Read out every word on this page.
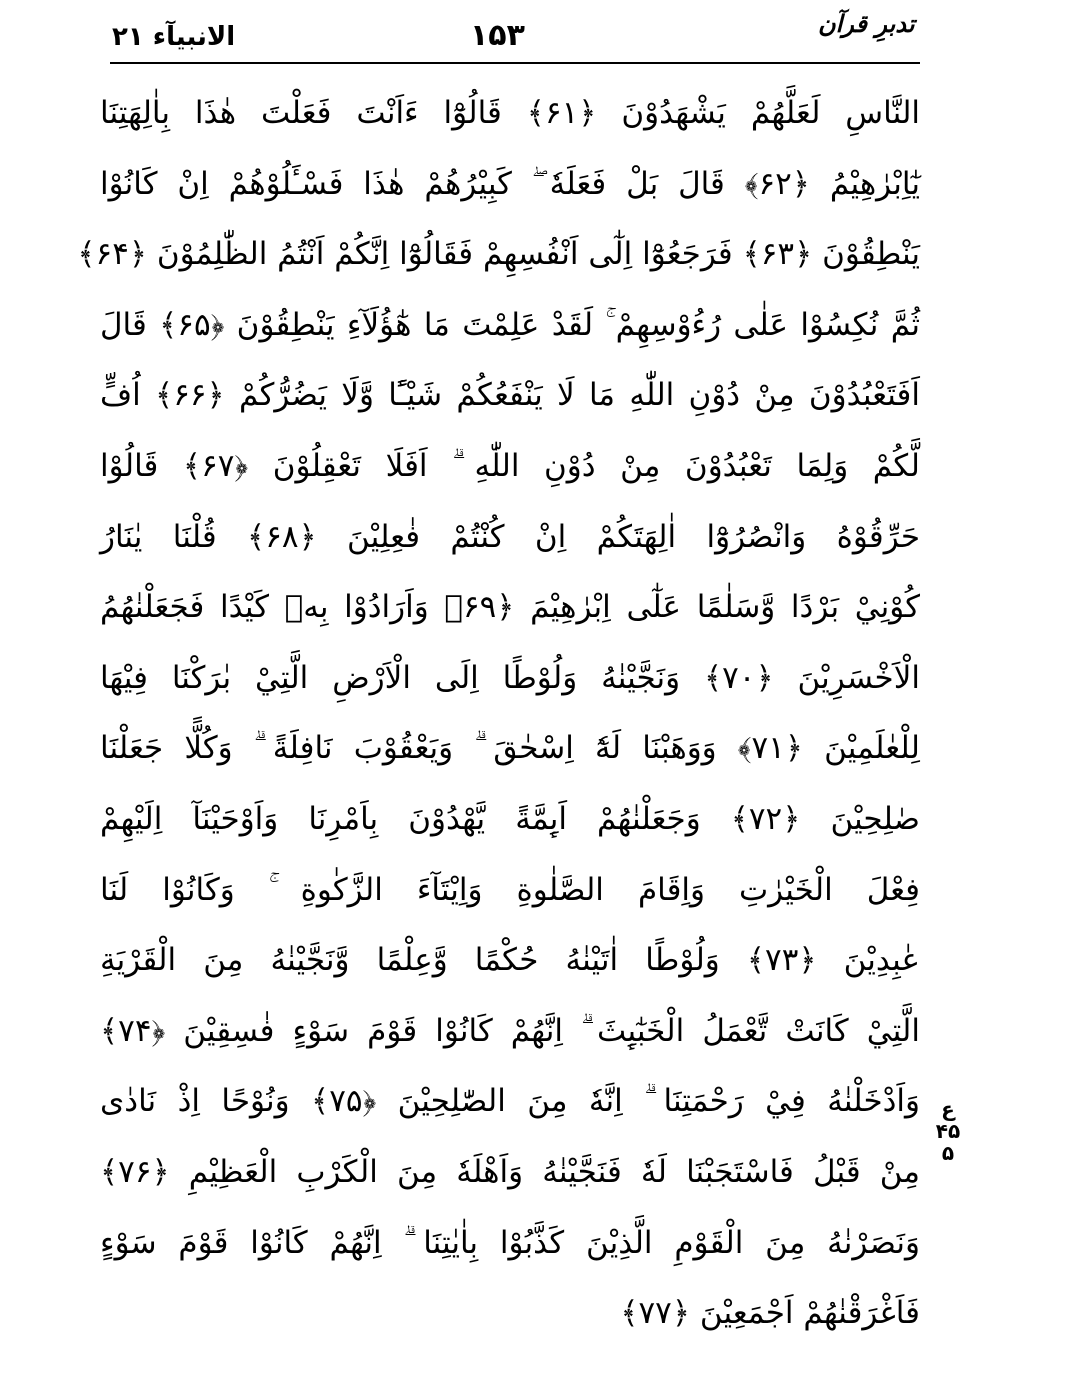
الانبیآء ۲۱	۱۵۳	تدبرِ قرآن
النَّاسِ لَعَلَّهُمْ يَشْهَدُوْنَ ﴿۶۱﴾ قَالُوْٓا ءَاَنْتَ فَعَلْتَ هٰذَا بِاٰلِهَتِنَا
يٰٓاِبْرٰهِيْمُ ﴿۶۲﴾ قَالَ بَلْ فَعَلَهٗ ۖ كَبِيْرُهُمْ هٰذَا فَسْـَٔلُوْهُمْ اِنْ كَانُوْا
يَنْطِقُوْنَ ﴿۶۳﴾ فَرَجَعُوْٓا اِلٰٓى اَنْفُسِهِمْ فَقَالُوْٓا اِنَّكُمْ اَنْتُمُ الظّٰلِمُوْنَ ﴿۶۴﴾
ثُمَّ نُكِسُوْا عَلٰى رُءُوْسِهِمْ ۚ لَقَدْ عَلِمْتَ مَا هٰٓؤُلَآءِ يَنْطِقُوْنَ ﴿۶۵﴾ قَالَ
اَفَتَعْبُدُوْنَ مِنْ دُوْنِ اللّٰهِ مَا لَا يَنْفَعُكُمْ شَيْـًٔا وَّلَا يَضُرُّكُمْ ﴿۶۶﴾ اُفٍّ
لَّكُمْ وَلِمَا تَعْبُدُوْنَ مِنْ دُوْنِ اللّٰهِ ۗ اَفَلَا تَعْقِلُوْنَ ﴿۶۷﴾ قَالُوْا
حَرِّقُوْهُ وَانْصُرُوْٓا اٰلِهَتَكُمْ اِنْ كُنْتُمْ فٰعِلِيْنَ ﴿۶۸﴾ قُلْنَا يٰنَارُ
كُوْنِيْ بَرْدًا وَّسَلٰمًا عَلٰٓى اِبْرٰهِيْمَ ﴿۶۹﴾ وَاَرَادُوْا بِهٖ كَيْدًا فَجَعَلْنٰهُمُ
الْاَخْسَرِيْنَ ﴿۷۰﴾ وَنَجَّيْنٰهُ وَلُوْطًا اِلَى الْاَرْضِ الَّتِيْ بٰرَكْنَا فِيْهَا
لِلْعٰلَمِيْنَ ﴿۷۱﴾ وَوَهَبْنَا لَهٗٓ اِسْحٰقَ ۗ وَيَعْقُوْبَ نَافِلَةً ۗ وَكُلًّا جَعَلْنَا
صٰلِحِيْنَ ﴿۷۲﴾ وَجَعَلْنٰهُمْ اَىِٕمَّةً يَّهْدُوْنَ بِاَمْرِنَا وَاَوْحَيْنَآ اِلَيْهِمْ
فِعْلَ الْخَيْرٰتِ وَاِقَامَ الصَّلٰوةِ وَاِيْتَآءَ الزَّكٰوةِ ۚ وَكَانُوْا لَنَا
عٰبِدِيْنَ ﴿۷۳﴾ وَلُوْطًا اٰتَيْنٰهُ حُكْمًا وَّعِلْمًا وَّنَجَّيْنٰهُ مِنَ الْقَرْيَةِ
الَّتِيْ كَانَتْ تَّعْمَلُ الْخَبٰٓىِٕثَ ۗ اِنَّهُمْ كَانُوْا قَوْمَ سَوْءٍ فٰسِقِيْنَ ﴿۷۴﴾
وَاَدْخَلْنٰهُ فِيْ رَحْمَتِنَا ۗ اِنَّهٗ مِنَ الصّٰلِحِيْنَ ﴿۷۵﴾ وَنُوْحًا اِذْ نَادٰى
مِنْ قَبْلُ فَاسْتَجَبْنَا لَهٗ فَنَجَّيْنٰهُ وَاَهْلَهٗ مِنَ الْكَرْبِ الْعَظِيْمِ ﴿۷۶﴾
وَنَصَرْنٰهُ مِنَ الْقَوْمِ الَّذِيْنَ كَذَّبُوْا بِاٰيٰتِنَا ۗ اِنَّهُمْ كَانُوْا قَوْمَ سَوْءٍ
فَاَغْرَقْنٰهُمْ اَجْمَعِيْنَ ﴿۷۷﴾
ع
۴۵
۵
